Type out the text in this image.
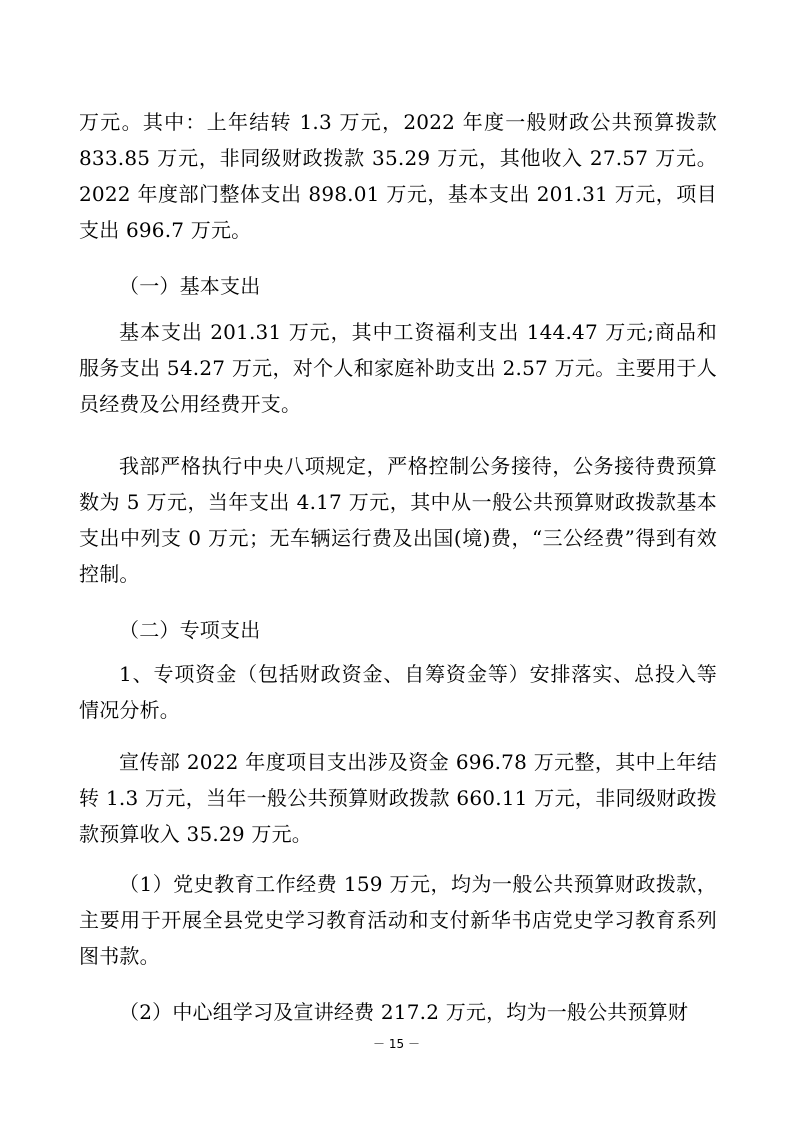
万元。其中：上年结转 1.3 万元，2022 年度一般财政公共预算拨款 833.85 万元，非同级财政拨款 35.29 万元，其他收入 27.57 万元。2022 年度部门整体支出 898.01 万元，基本支出 201.31 万元，项目支出 696.7 万元。

（一）基本支出

基本支出 201.31 万元，其中工资福利支出 144.47 万元;商品和服务支出 54.27 万元，对个人和家庭补助支出 2.57 万元。主要用于人员经费及公用经费开支。

我部严格执行中央八项规定，严格控制公务接待，公务接待费预算数为 5 万元，当年支出 4.17 万元，其中从一般公共预算财政拨款基本支出中列支 0 万元；无车辆运行费及出国(境)费，“三公经费”得到有效控制。

（二）专项支出

1、专项资金（包括财政资金、自筹资金等）安排落实、总投入等情况分析。

宣传部 2022 年度项目支出涉及资金 696.78 万元整，其中上年结转 1.3 万元，当年一般公共预算财政拨款 660.11 万元，非同级财政拨款预算收入 35.29 万元。

（1）党史教育工作经费 159 万元，均为一般公共预算财政拨款，主要用于开展全县党史学习教育活动和支付新华书店党史学习教育系列图书款。

（2）中心组学习及宣讲经费 217.2 万元，均为一般公共预算财

－ 15 －
